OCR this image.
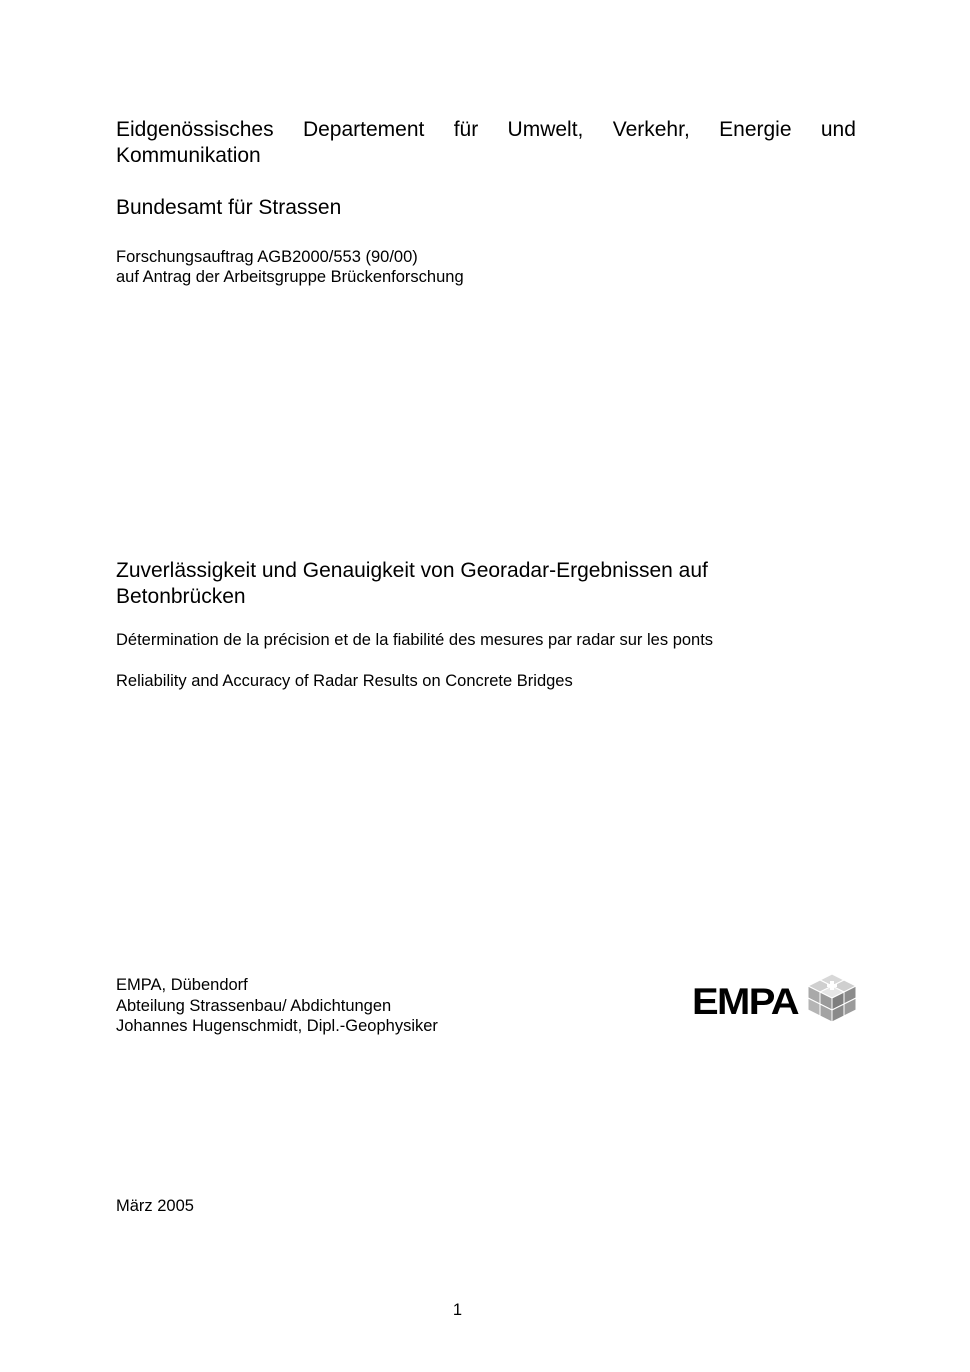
Eidgenössisches Departement für Umwelt, Verkehr, Energie und
Kommunikation
Bundesamt für Strassen
Forschungsauftrag AGB2000/553 (90/00)
auf Antrag der Arbeitsgruppe Brückenforschung
Zuverlässigkeit und Genauigkeit von Georadar-Ergebnissen auf
Betonbrücken
Détermination de la précision et de la fiabilité des mesures par radar sur les ponts
Reliability and Accuracy of Radar Results on Concrete Bridges
EMPA, Dübendorf
Abteilung Strassenbau/ Abdichtungen
Johannes Hugenschmidt, Dipl.-Geophysiker
EMPA
März 2005
1
